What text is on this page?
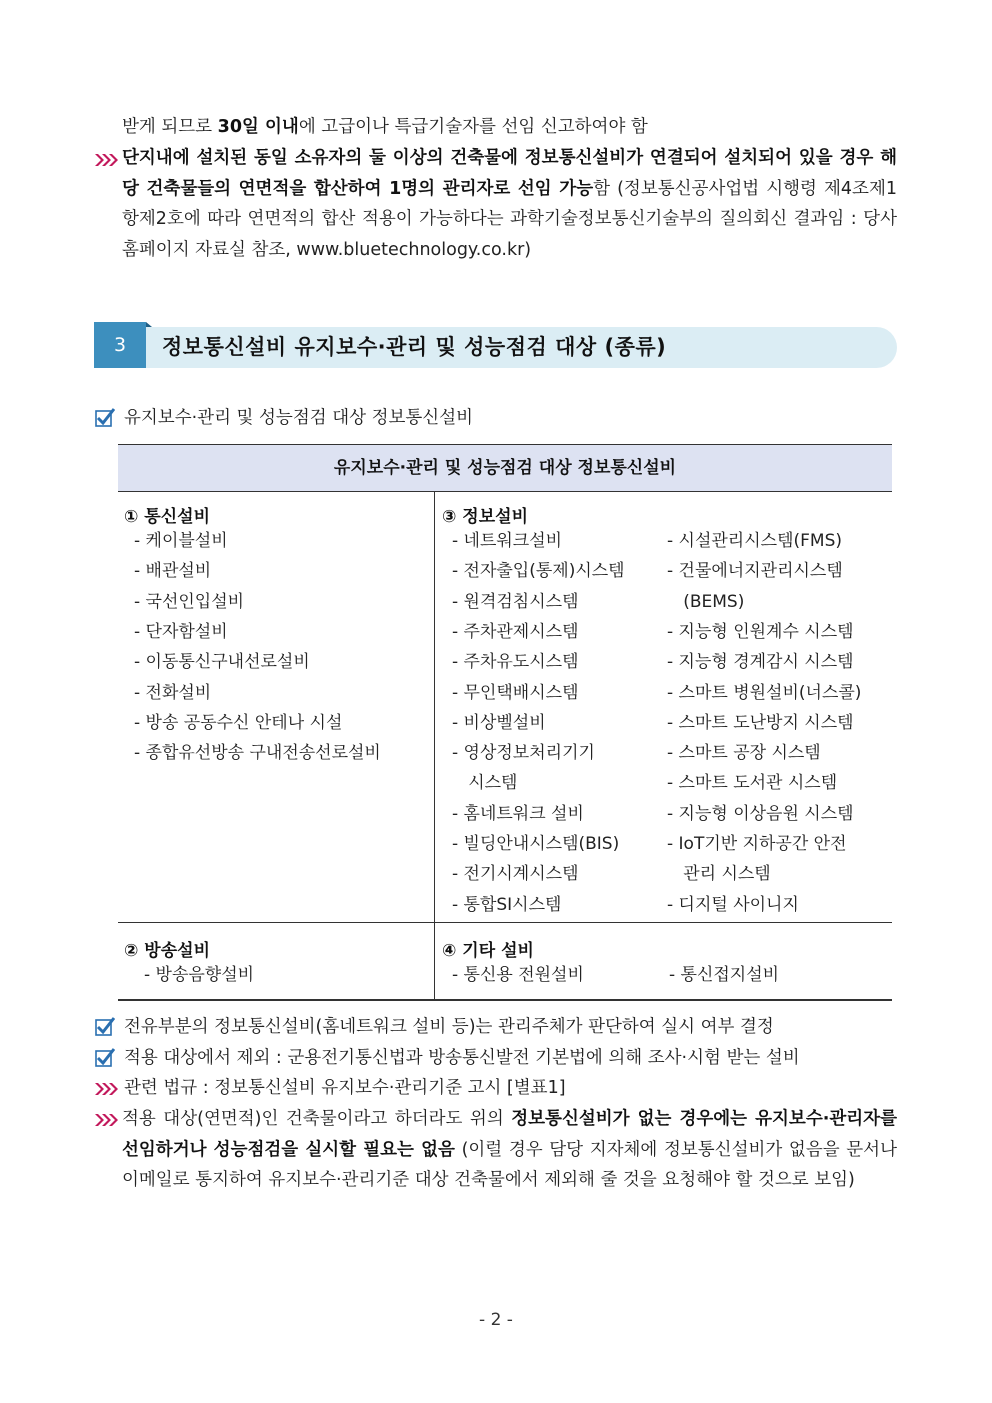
받게 되므로 30일 이내에 고급이나 특급기술자를 선임 신고하여야 함
단지내에 설치된 동일 소유자의 둘 이상의 건축물에 정보통신설비가 연결되어 설치되어 있을 경우 해당 건축물들의 연면적을 합산하여 1명의 관리자로 선임 가능함 (정보통신공사업법 시행령 제4조제1항제2호에 따라 연면적의 합산 적용이 가능하다는 과학기술정보통신기술부의 질의회신 결과임 : 당사 홈페이지 자료실 참조, www.bluetechnology.co.kr)
3	정보통신설비 유지보수·관리 및 성능점검 대상 (종류)
유지보수·관리 및 성능점검 대상 정보통신설비
유지보수·관리 및 성능점검 대상 정보통신설비
① 통신설비
- 케이블설비
- 배관설비
- 국선인입설비
- 단자함설비
- 이동통신구내선로설비
- 전화설비
- 방송 공동수신 안테나 시설
- 종합유선방송 구내전송선로설비
③ 정보설비
- 네트워크설비
- 전자출입(통제)시스템
- 원격검침시스템
- 주차관제시스템
- 주차유도시스템
- 무인택배시스템
- 비상벨설비
- 영상정보처리기기
시스템
- 홈네트워크 설비
- 빌딩안내시스템(BIS)
- 전기시계시스템
- 통합SI시스템
- 시설관리시스템(FMS)
- 건물에너지관리시스템
(BEMS)
- 지능형 인원계수 시스템
- 지능형 경계감시 시스템
- 스마트 병원설비(너스콜)
- 스마트 도난방지 시스템
- 스마트 공장 시스템
- 스마트 도서관 시스템
- 지능형 이상음원 시스템
- IoT기반 지하공간 안전
관리 시스템
- 디지털 사이니지
② 방송설비
- 방송음향설비
④ 기타 설비
- 통신용 전원설비	- 통신접지설비
전유부분의 정보통신설비(홈네트워크 설비 등)는 관리주체가 판단하여 실시 여부 결정
적용 대상에서 제외 : 군용전기통신법과 방송통신발전 기본법에 의해 조사·시험 받는 설비
관련 법규 : 정보통신설비 유지보수·관리기준 고시 [별표1]
적용 대상(연면적)인 건축물이라고 하더라도 위의 정보통신설비가 없는 경우에는 유지보수·관리자를 선임하거나 성능점검을 실시할 필요는 없음 (이럴 경우 담당 지자체에 정보통신설비가 없음을 문서나 이메일로 통지하여 유지보수·관리기준 대상 건축물에서 제외해 줄 것을 요청해야 할 것으로 보임)
- 2 -
